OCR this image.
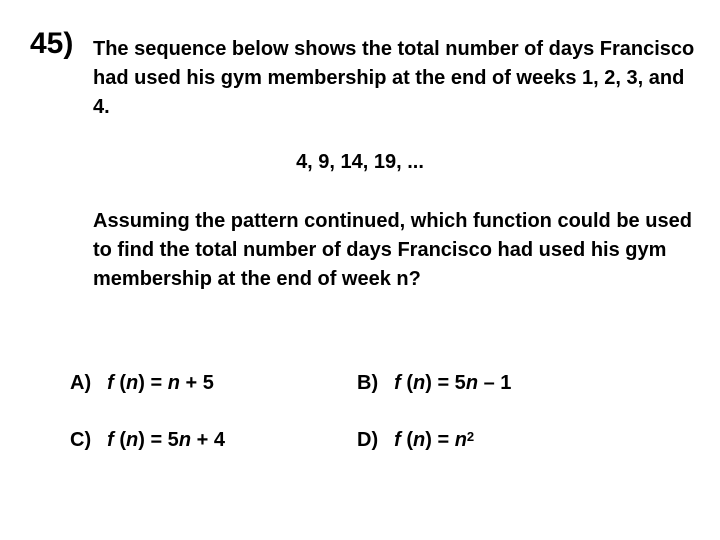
45) The sequence below shows the total number of days Francisco had used his gym membership at the end of weeks 1, 2, 3, and 4.
4, 9, 14, 19, ...
Assuming the pattern continued, which function could be used to find the total number of days Francisco had used his gym membership at the end of week n?
A) f (n) = n + 5	B) f (n) = 5n – 1
C) f (n) = 5n + 4	D) f $(n) = n^2$
